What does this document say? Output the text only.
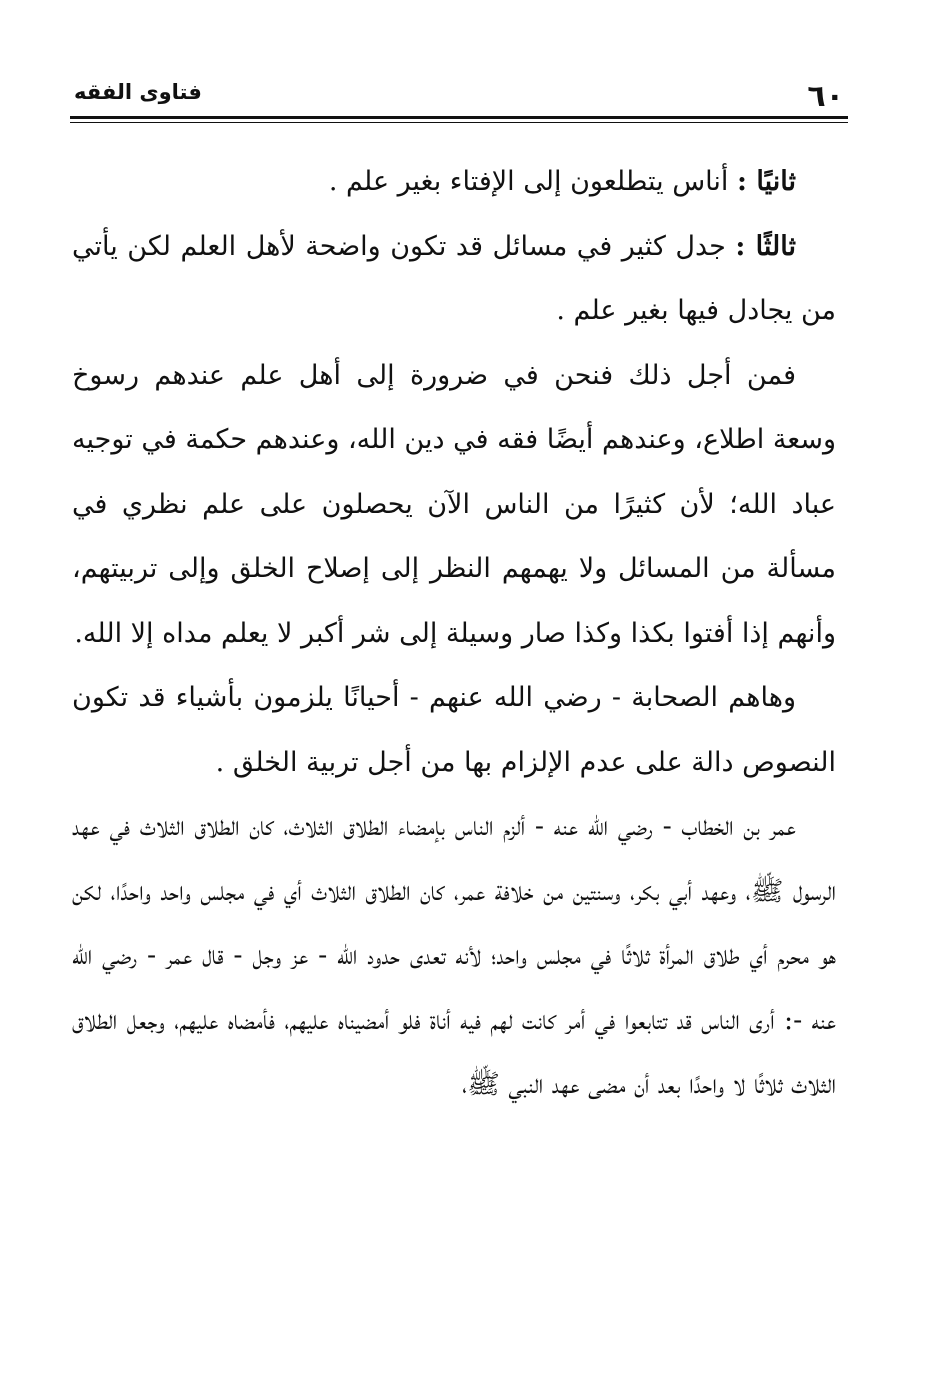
٦٠
فتاوى الفقه

ثانيًا : أناس يتطلعون إلى الإفتاء بغير علم .

ثالثًا : جدل كثير في مسائل قد تكون واضحة لأهل العلم لكن يأتي من يجادل فيها بغير علم .

فمن أجل ذلك فنحن في ضرورة إلى أهل علم عندهم رسوخ وسعة اطلاع، وعندهم أيضًا فقه في دين الله، وعندهم حكمة في توجيه عباد الله؛ لأن كثيرًا من الناس الآن يحصلون على علم نظري في مسألة من المسائل ولا يهمهم النظر إلى إصلاح الخلق وإلى تربيتهم، وأنهم إذا أفتوا بكذا وكذا صار وسيلة إلى شر أكبر لا يعلم مداه إلا الله.

وهاهم الصحابة - رضي الله عنهم - أحيانًا يلزمون بأشياء قد تكون النصوص دالة على عدم الإلزام بها من أجل تربية الخلق .

عمر بن الخطاب - رضي الله عنه - ألزم الناس بإمضاء الطلاق الثلاث، كان الطلاق الثلاث في عهد الرسول ﷺ، وعهد أبي بكر، وسنتين من خلافة عمر، كان الطلاق الثلاث أي في مجلس واحد واحدًا، لكن هو محرم أي طلاق المرأة ثلاثًا في مجلس واحد؛ لأنه تعدى حدود الله - عز وجل - قال عمر - رضي الله عنه -: أرى الناس قد تتابعوا في أمر كانت لهم فيه أناة فلو أمضيناه عليهم، فأمضاه عليهم، وجعل الطلاق الثلاث ثلاثًا لا واحدًا بعد أن مضى عهد النبي ﷺ،
